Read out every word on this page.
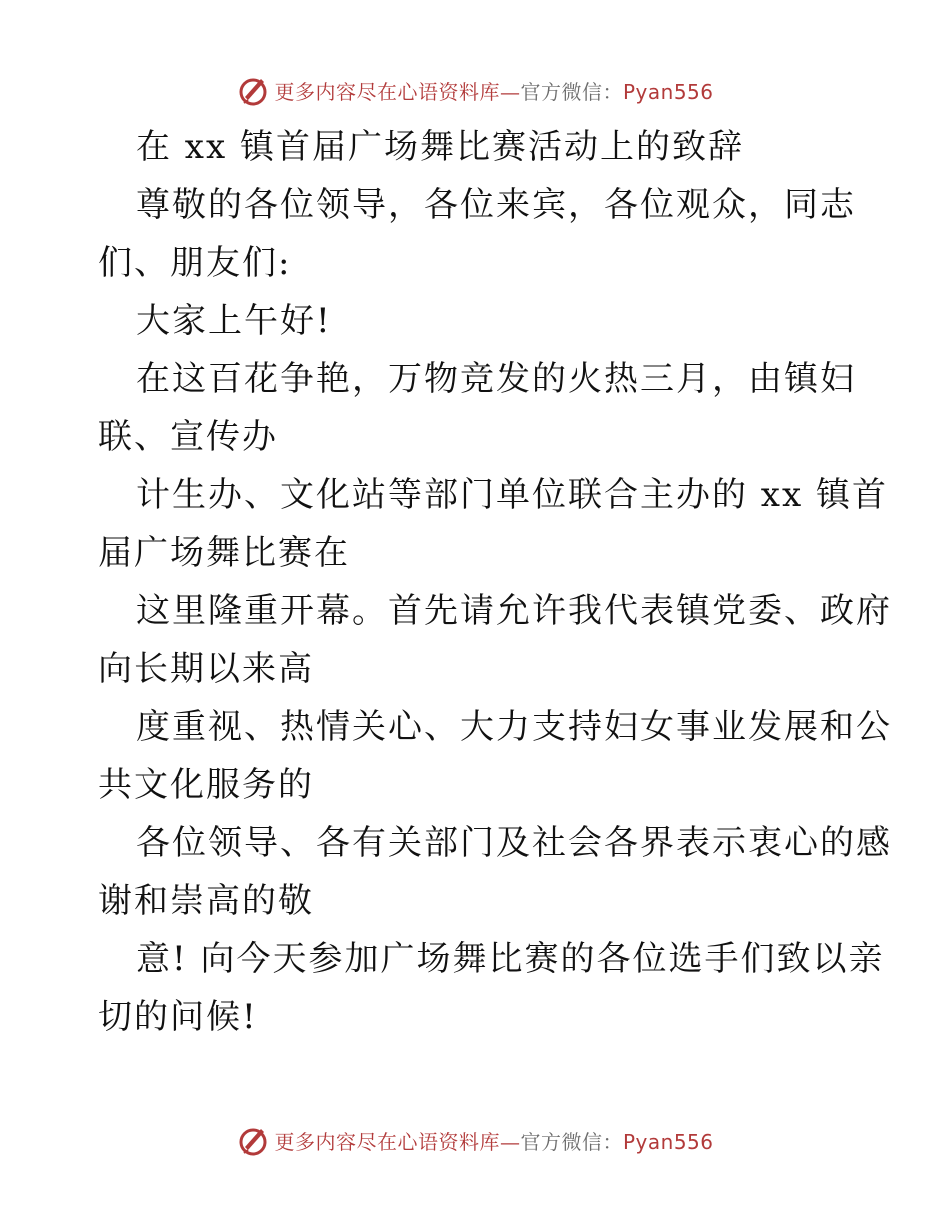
更多内容尽在心语资料库—官方微信：Pyan556
在 xx 镇首届广场舞比赛活动上的致辞
尊敬的各位领导，各位来宾，各位观众，同志
们、朋友们:
大家上午好!
在这百花争艳，万物竞发的火热三月，由镇妇
联、宣传办
计生办、文化站等部门单位联合主办的 xx 镇首
届广场舞比赛在
这里隆重开幕。首先请允许我代表镇党委、政府
向长期以来高
度重视、热情关心、大力支持妇女事业发展和公
共文化服务的
各位领导、各有关部门及社会各界表示衷心的感
谢和崇高的敬
意! 向今天参加广场舞比赛的各位选手们致以亲
切的问候!
更多内容尽在心语资料库—官方微信：Pyan556
